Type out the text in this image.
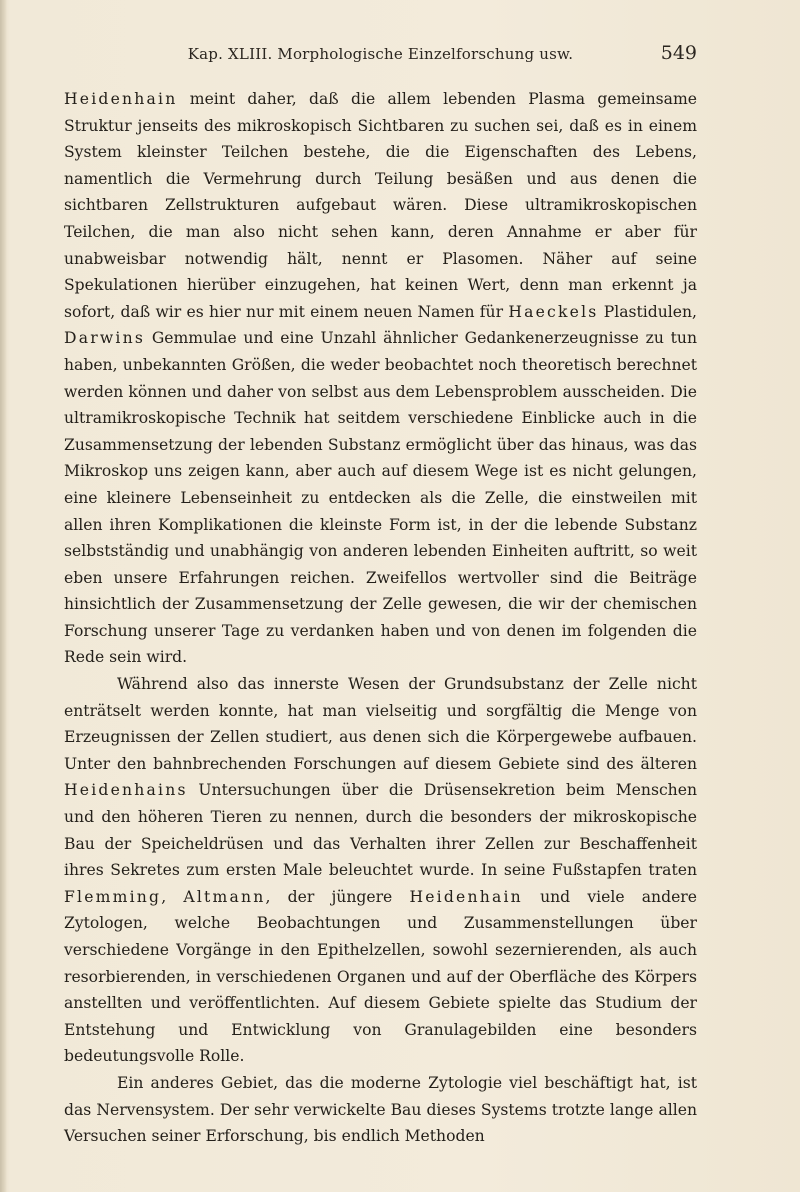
Kap. XLIII. Morphologische Einzelforschung usw.	549

Heidenhain meint daher, daß die allem lebenden Plasma gemeinsame Struktur jenseits des mikroskopisch Sichtbaren zu suchen sei, daß es in einem System kleinster Teilchen bestehe, die die Eigenschaften des Lebens, namentlich die Vermehrung durch Teilung besäßen und aus denen die sichtbaren Zellstrukturen aufgebaut wären. Diese ultramikroskopischen Teilchen, die man also nicht sehen kann, deren Annahme er aber für unabweisbar notwendig hält, nennt er Plasomen. Näher auf seine Spekulationen hierüber einzugehen, hat keinen Wert, denn man erkennt ja sofort, daß wir es hier nur mit einem neuen Namen für Haeckels Plastidulen, Darwins Gemmulae und eine Unzahl ähnlicher Gedankenerzeugnisse zu tun haben, unbekannten Größen, die weder beobachtet noch theoretisch berechnet werden können und daher von selbst aus dem Lebensproblem ausscheiden. Die ultramikroskopische Technik hat seitdem verschiedene Einblicke auch in die Zusammensetzung der lebenden Substanz ermöglicht über das hinaus, was das Mikroskop uns zeigen kann, aber auch auf diesem Wege ist es nicht gelungen, eine kleinere Lebenseinheit zu entdecken als die Zelle, die einstweilen mit allen ihren Komplikationen die kleinste Form ist, in der die lebende Substanz selbstständig und unabhängig von anderen lebenden Einheiten auftritt, so weit eben unsere Erfahrungen reichen. Zweifellos wertvoller sind die Beiträge hinsichtlich der Zusammensetzung der Zelle gewesen, die wir der chemischen Forschung unserer Tage zu verdanken haben und von denen im folgenden die Rede sein wird.

Während also das innerste Wesen der Grundsubstanz der Zelle nicht enträtselt werden konnte, hat man vielseitig und sorgfältig die Menge von Erzeugnissen der Zellen studiert, aus denen sich die Körpergewebe aufbauen. Unter den bahnbrechenden Forschungen auf diesem Gebiete sind des älteren Heidenhains Untersuchungen über die Drüsensekretion beim Menschen und den höheren Tieren zu nennen, durch die besonders der mikroskopische Bau der Speicheldrüsen und das Verhalten ihrer Zellen zur Beschaffenheit ihres Sekretes zum ersten Male beleuchtet wurde. In seine Fußstapfen traten Flemming, Altmann, der jüngere Heidenhain und viele andere Zytologen, welche Beobachtungen und Zusammenstellungen über verschiedene Vorgänge in den Epithelzellen, sowohl sezernierenden, als auch resorbierenden, in verschiedenen Organen und auf der Oberfläche des Körpers anstellten und veröffentlichten. Auf diesem Gebiete spielte das Studium der Entstehung und Entwicklung von Granulagebilden eine besonders bedeutungsvolle Rolle.

Ein anderes Gebiet, das die moderne Zytologie viel beschäftigt hat, ist das Nervensystem. Der sehr verwickelte Bau dieses Systems trotzte lange allen Versuchen seiner Erforschung, bis endlich Methoden
